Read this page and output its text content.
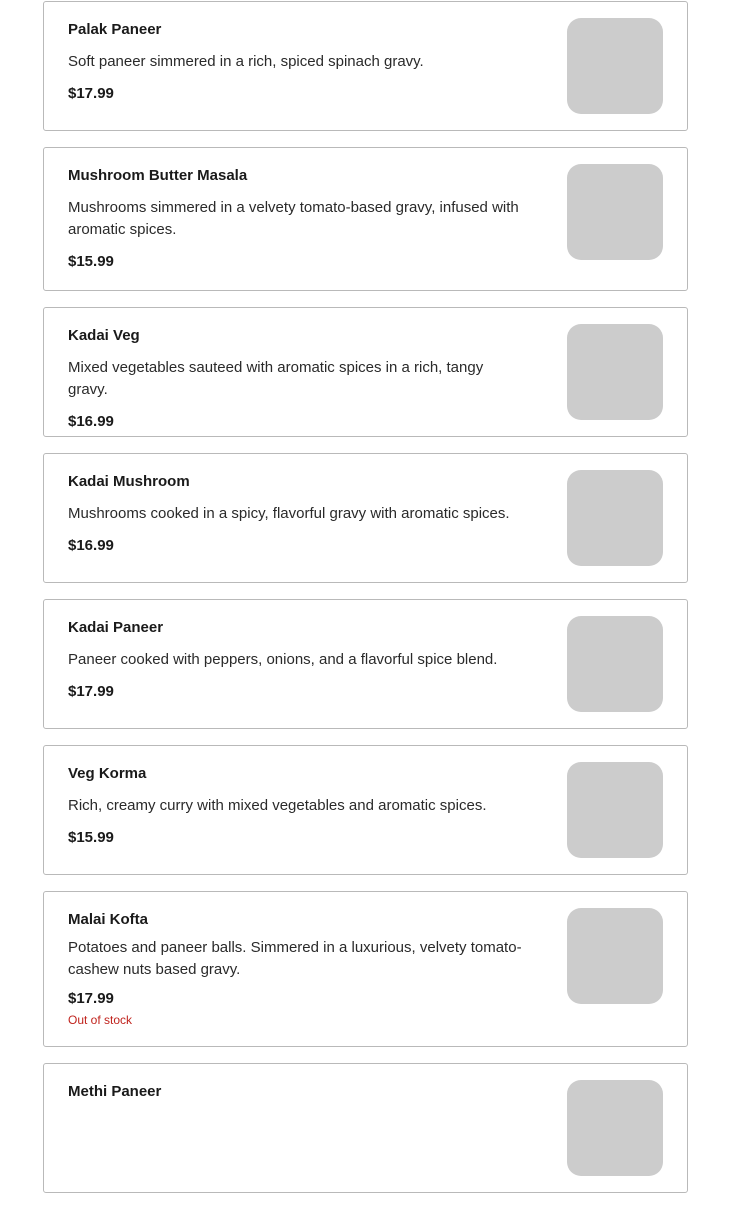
Palak Paneer

Soft paneer simmered in a rich, spiced spinach gravy.

$17.99

Mushroom Butter Masala

Mushrooms simmered in a velvety tomato-based gravy, infused with aromatic spices.

$15.99

Kadai Veg

Mixed vegetables sauteed with aromatic spices in a rich, tangy gravy.

$16.99

Kadai Mushroom

Mushrooms cooked in a spicy, flavorful gravy with aromatic spices.

$16.99

Kadai Paneer

Paneer cooked with peppers, onions, and a flavorful spice blend.

$17.99

Veg Korma

Rich, creamy curry with mixed vegetables and aromatic spices.

$15.99

Malai Kofta

Potatoes and paneer balls. Simmered in a luxurious, velvety tomato-cashew nuts based gravy.

$17.99

Out of stock

Methi Paneer
